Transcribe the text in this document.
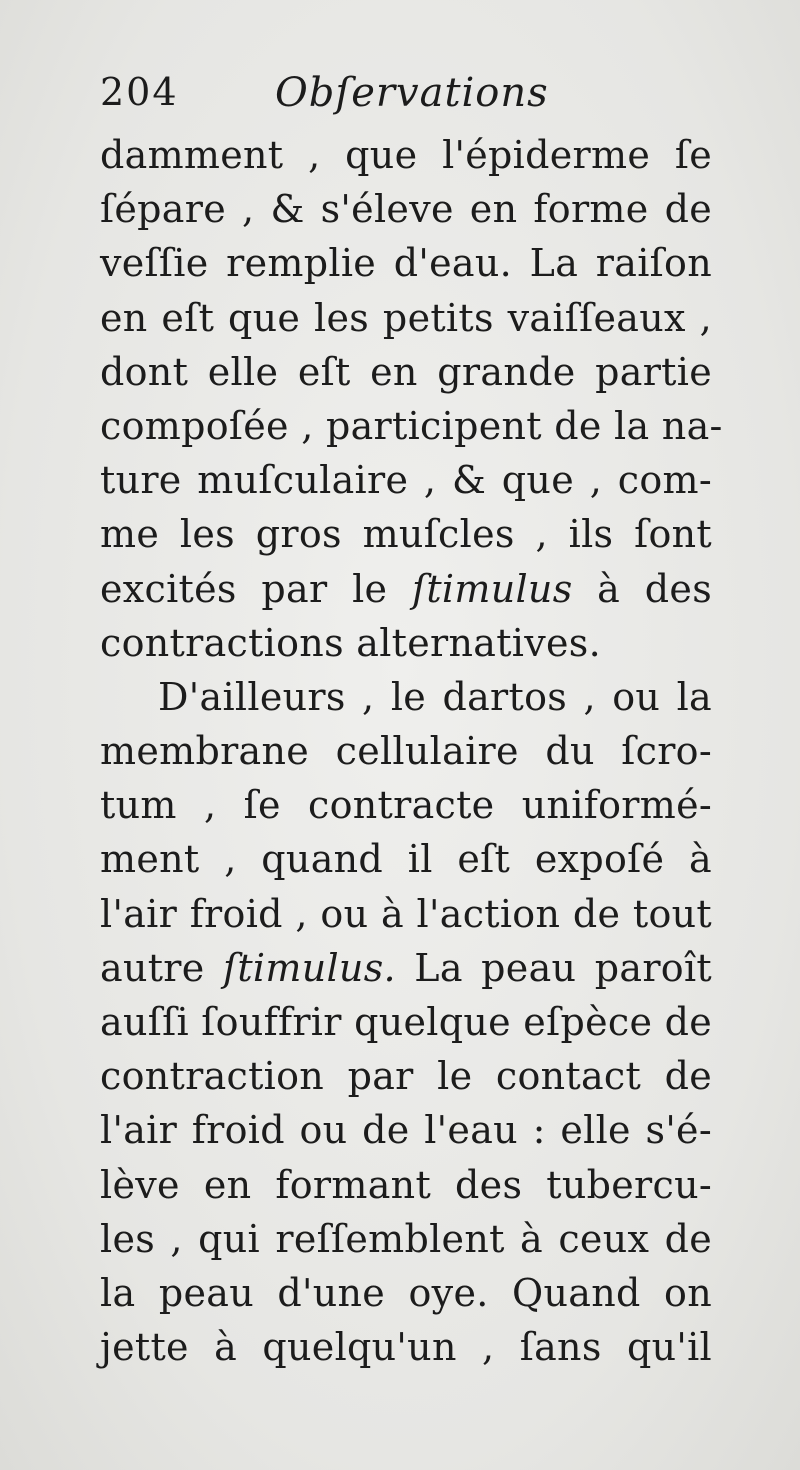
204 Obſervations
damment , que l'épiderme ſe
ſépare , & s'éleve en forme de
veſſie remplie d'eau. La raiſon
en eſt que les petits vaiſſeaux ,
dont elle eſt en grande partie
compoſée , participent de la na-
ture muſculaire , & que , com-
me les gros muſcles , ils ſont
excités par le ſtimulus à des
contractions alternatives.
D'ailleurs , le dartos , ou la
membrane cellulaire du ſcro-
tum , ſe contracte uniformé-
ment , quand il eſt expoſé à
l'air froid , ou à l'action de tout
autre ſtimulus. La peau paroît
auſſi ſouffrir quelque eſpèce de
contraction par le contact de
l'air froid ou de l'eau : elle s'é-
lève en formant des tubercu-
les , qui reſſemblent à ceux de
la peau d'une oye. Quand on
jette à quelqu'un , ſans qu'il
